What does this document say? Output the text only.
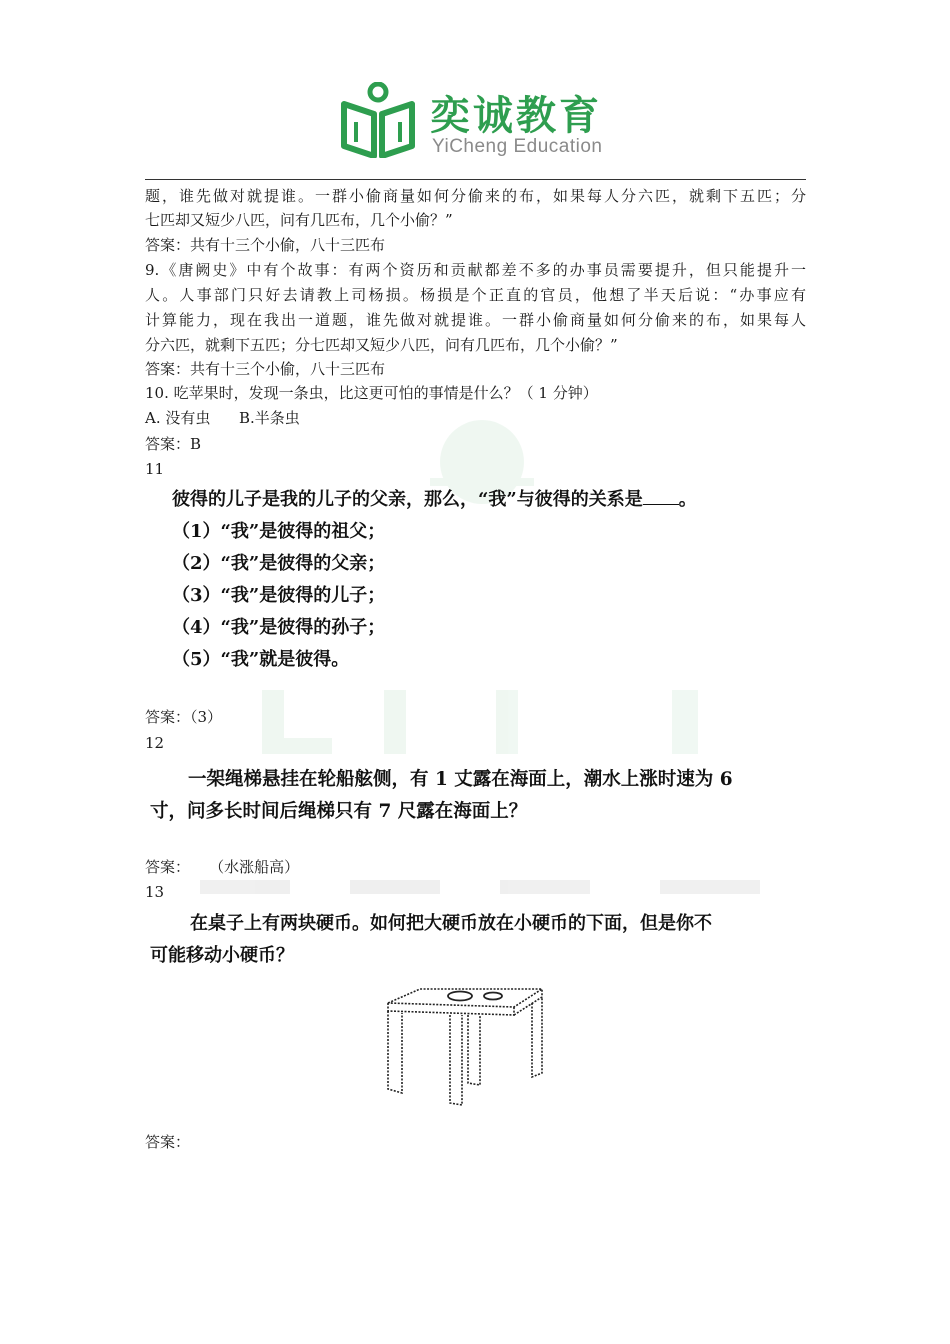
奕诚教育
YiCheng Education
题，谁先做对就提谁。一群小偷商量如何分偷来的布，如果每人分六匹，就剩下五匹；分
七匹却又短少八匹，问有几匹布，几个小偷？”
答案：共有十三个小偷，八十三匹布
9.《唐阙史》中有个故事：有两个资历和贡献都差不多的办事员需要提升，但只能提升一
人。人事部门只好去请教上司杨损。杨损是个正直的官员，他想了半天后说：“办事应有
计算能力，现在我出一道题，谁先做对就提谁。一群小偷商量如何分偷来的布，如果每人
分六匹，就剩下五匹；分七匹却又短少八匹，问有几匹布，几个小偷？”
答案：共有十三个小偷，八十三匹布
10. 吃苹果时，发现一条虫，比这更可怕的事情是什么？（ 1 分钟）
A. 没有虫      B.半条虫
答案：B
11
彼得的儿子是我的儿子的父亲，那么，“我”与彼得的关系是 。
（1）“我”是彼得的祖父；
（2）“我”是彼得的父亲；
（3）“我”是彼得的儿子；
（4）“我”是彼得的孙子；
（5）“我”就是彼得。
答案：（3）
12
一架绳梯悬挂在轮船舷侧，有 1 丈露在海面上，潮水上涨时速为 6
寸，问多长时间后绳梯只有 7 尺露在海面上？
答案：    （水涨船高）
13
在桌子上有两块硬币。如何把大硬币放在小硬币的下面，但是你不
可能移动小硬币？
答案：
